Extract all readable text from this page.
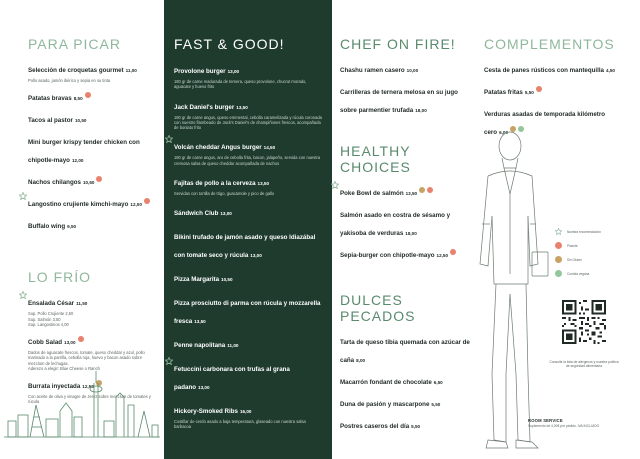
PARA PICAR
Selección de croquetas gourmet 11,00
Pollo asado, jamón ibérico y sepia en su tinta
Patatas bravas 8,50
Tacos al pastor 10,50
Mini burger krispy tender chicken con chipotle-mayo 12,00
Nachos chilangos 10,50
Langostino crujiente kimchi-mayo 12,00
Buffalo wing 9,50
LO FRÍO
Ensalada César 11,50
Sup. Pollo Crujiente 2,50
Sup. Salmón 3,50
Sup. Langostinos 4,00
Cobb Salad 13,00
Dados de aguacate frescos, tomate, queso cheddar y azul, pollo marinado a la parrilla, cebolla roja, huevo y bacon asado sobre mezclum de lechugas.
Aderezo a elegir: Blue Cheese o Ranch
Burrata inyectada 12,50
Con aceite de oliva y vinagre de Jerez sobre mezclum de tomates y rúcula
FAST & GOOD!
Provolone burger 13,00
180 gr de carne madurada de ternera, queso provolone, chucrut morado, aguacate y huevo frito
Jack Daniel's burger 13,50
180 gr de carne angus, queso emmental, cebolla caramelizada y rúcula coronada con nuestro flambeado de Jack's Daniel's de champiñones frescos, acompañada de boniato frito
Volcán cheddar Angus burger 14,50
180 gr de carne angus, aro de cebolla frita, bacon, jalapeño, servida con nuestra cremosa salsa de queso cheddar acompañada de nachos
Fajitas de pollo a la cerveza 13,50
Servidas con tortilla de trigo, guacamole y pico de gallo
Sándwich Club 13,00
Bikini trufado de jamón asado y queso Idiazábal con tomate seco y rúcula 13,00
Pizza Margarita 10,50
Pizza prosciutto di parma con rúcula y mozzarella fresca 13,50
Penne napolitana 11,00
Fetuccini carbonara con trufas al grana padano 13,00
Hickory-Smoked Ribs 16,00
Costillar de cerdo asado a baja temperatura, glaseado con nuestra salsa barbacoa
CHEF ON FIRE!
Chashu ramen casero 10,00
Carrilleras de ternera melosa en su jugo sobre parmentier trufada 18,00
HEALTHY
CHOICES
Poke Bowl de salmón 13,50
Salmón asado en costra de sésamo y yakisoba de verduras 18,00
Sepia-burger con chipotle-mayo 12,50
DULCES
PECADOS
Tarta de queso tibia quemada con azúcar de caña 8,00
Macarrón fondant de chocolate 6,50
Duna de pasión y mascarpone 5,50
Postres caseros del día 5,50
COMPLEMENTOS
Cesta de panes rústicos con mantequilla 4,50
Patatas fritas 5,50
Verduras asadas de temporada kilómetro cero 6,00
Nuestra recomendación
Picante
Sin Gluten
Comida vegana
Consulte la lista de alérgenos y nuestra política de seguridad alimentaria
ROOM SERVICE
Suplemento de 4,00€ por pedido. IVA INCLUIDO
